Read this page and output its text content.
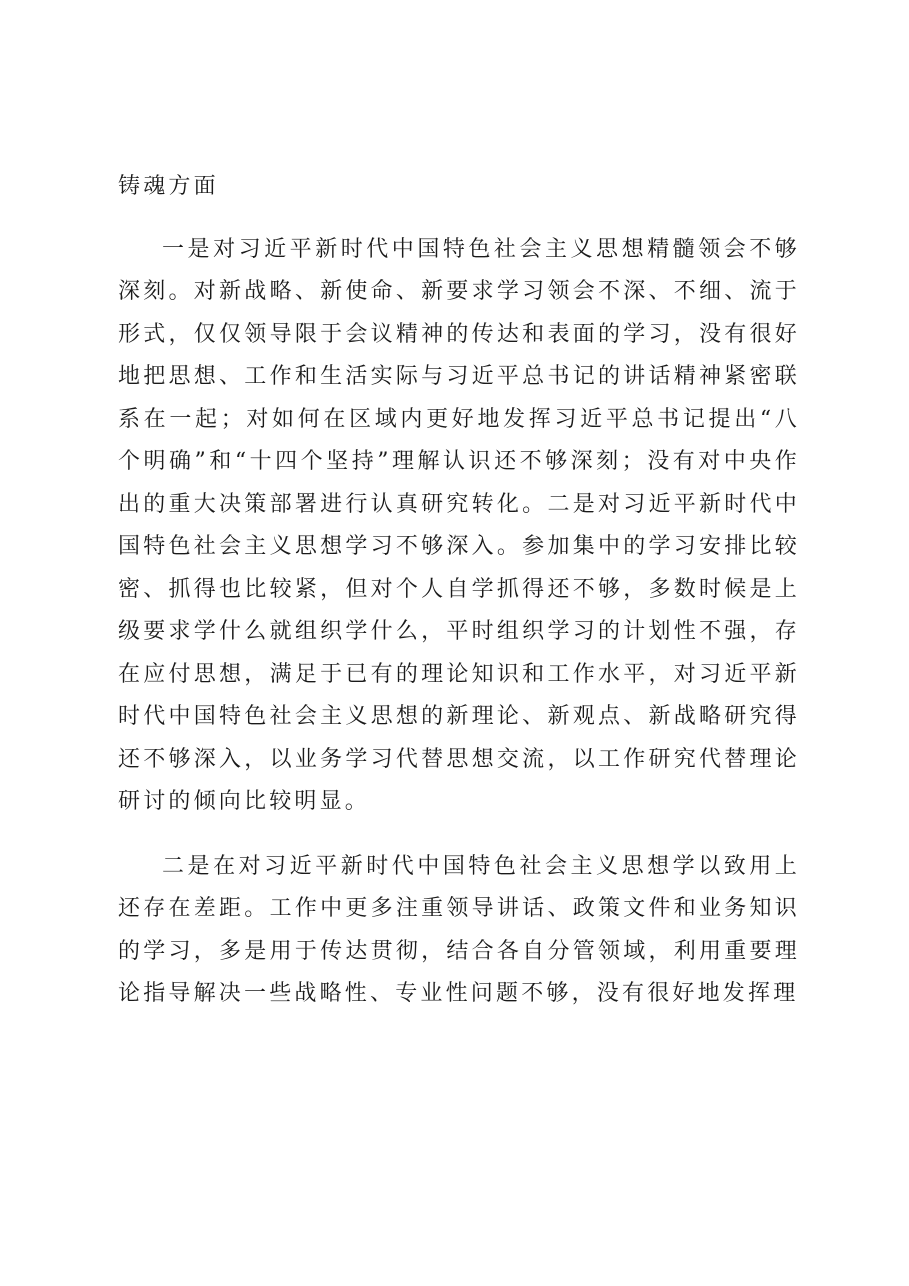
铸魂方面

一是对习近平新时代中国特色社会主义思想精髓领会不够深刻。对新战略、新使命、新要求学习领会不深、不细、流于形式，仅仅领导限于会议精神的传达和表面的学习，没有很好地把思想、工作和生活实际与习近平总书记的讲话精神紧密联系在一起；对如何在区域内更好地发挥习近平总书记提出“八个明确”和“十四个坚持”理解认识还不够深刻；没有对中央作出的重大决策部署进行认真研究转化。二是对习近平新时代中国特色社会主义思想学习不够深入。参加集中的学习安排比较密、抓得也比较紧，但对个人自学抓得还不够，多数时候是上级要求学什么就组织学什么，平时组织学习的计划性不强，存在应付思想，满足于已有的理论知识和工作水平，对习近平新时代中国特色社会主义思想的新理论、新观点、新战略研究得还不够深入，以业务学习代替思想交流，以工作研究代替理论研讨的倾向比较明显。

二是在对习近平新时代中国特色社会主义思想学以致用上还存在差距。工作中更多注重领导讲话、政策文件和业务知识的学习，多是用于传达贯彻，结合各自分管领域，利用重要理论指导解决一些战略性、专业性问题不够，没有很好地发挥理
